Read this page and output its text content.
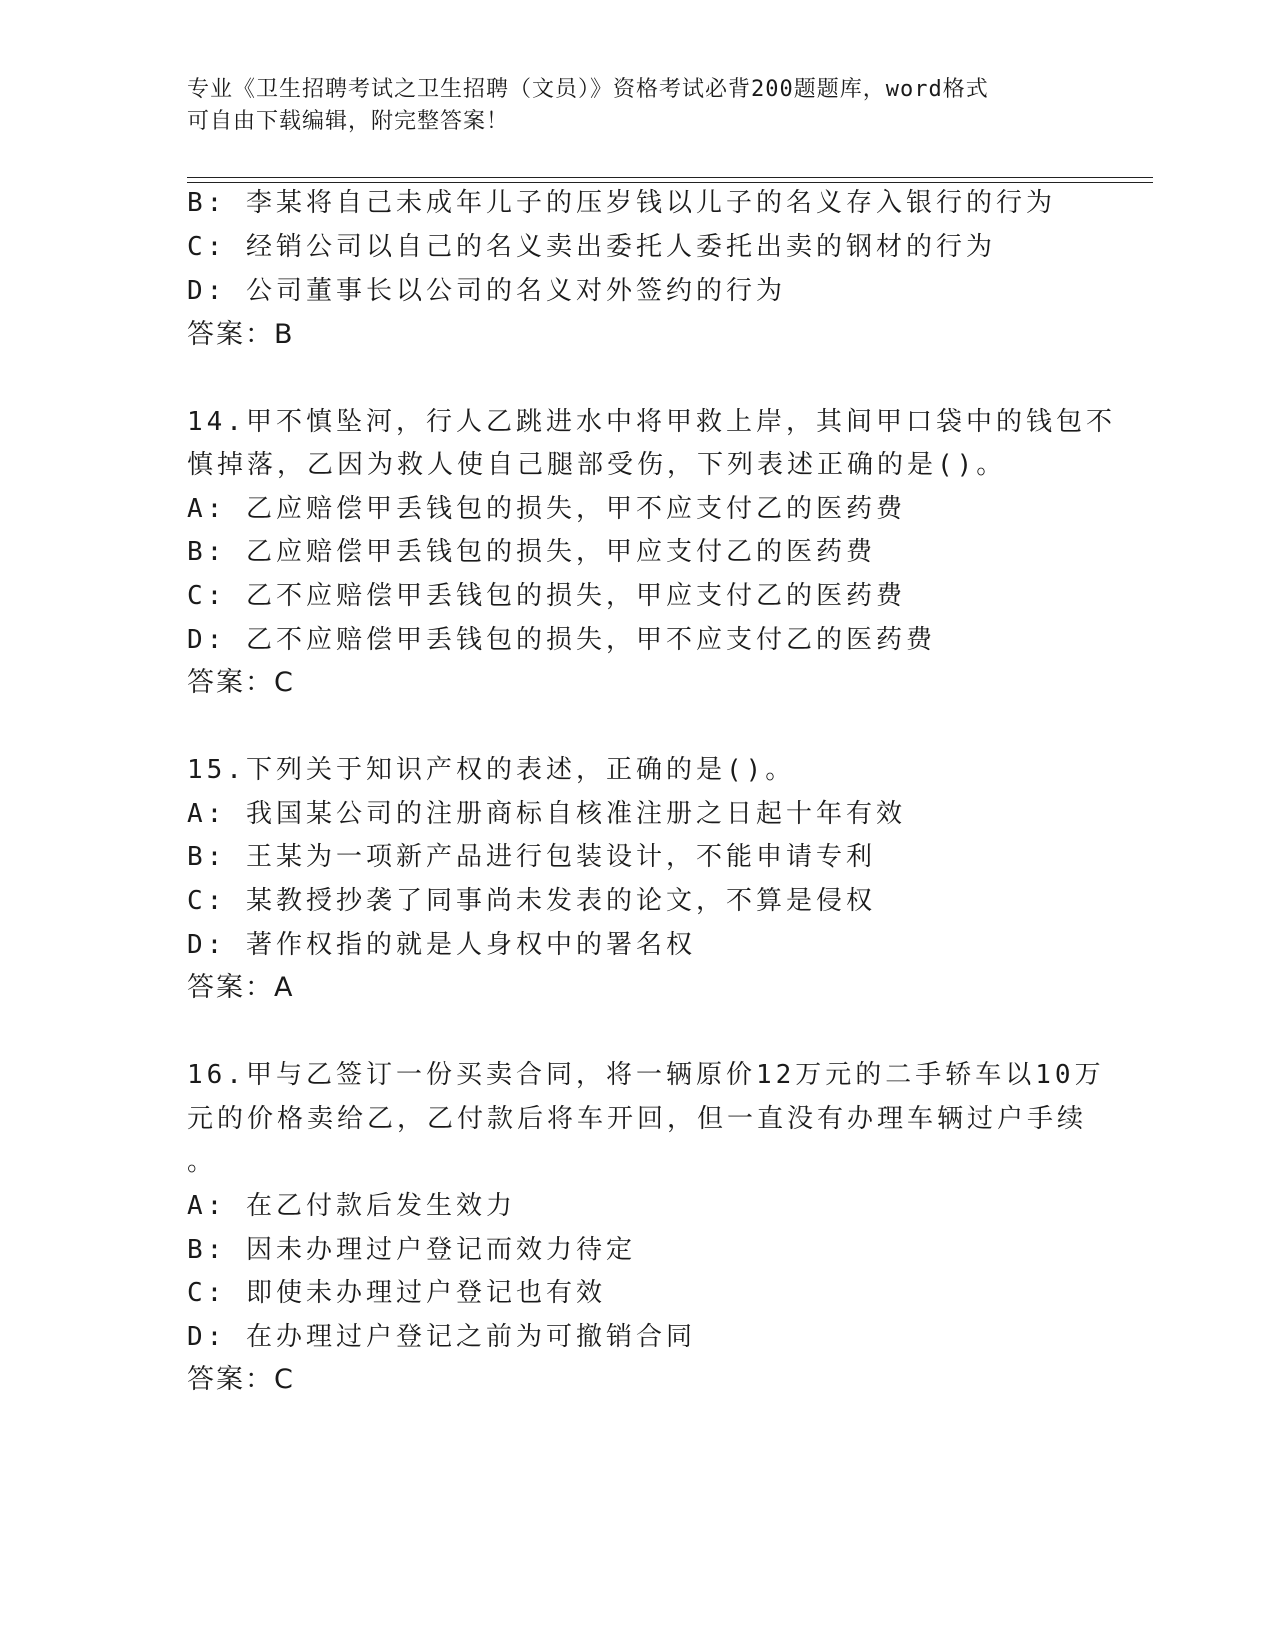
专业《卫生招聘考试之卫生招聘（文员）》资格考试必背200题题库，word格式
可自由下载编辑，附完整答案！
B: 李某将自己未成年儿子的压岁钱以儿子的名义存入银行的行为
C: 经销公司以自己的名义卖出委托人委托出卖的钢材的行为
D: 公司董事长以公司的名义对外签约的行为
答案：B
14.甲不慎坠河，行人乙跳进水中将甲救上岸，其间甲口袋中的钱包不
慎掉落，乙因为救人使自己腿部受伤，下列表述正确的是()。
A: 乙应赔偿甲丢钱包的损失，甲不应支付乙的医药费
B: 乙应赔偿甲丢钱包的损失，甲应支付乙的医药费
C: 乙不应赔偿甲丢钱包的损失，甲应支付乙的医药费
D: 乙不应赔偿甲丢钱包的损失，甲不应支付乙的医药费
答案：C
15.下列关于知识产权的表述，正确的是()。
A: 我国某公司的注册商标自核准注册之日起十年有效
B: 王某为一项新产品进行包装设计，不能申请专利
C: 某教授抄袭了同事尚未发表的论文，不算是侵权
D: 著作权指的就是人身权中的署名权
答案：A
16.甲与乙签订一份买卖合同，将一辆原价12万元的二手轿车以10万
元的价格卖给乙，乙付款后将车开回，但一直没有办理车辆过户手续
。
A: 在乙付款后发生效力
B: 因未办理过户登记而效力待定
C: 即使未办理过户登记也有效
D: 在办理过户登记之前为可撤销合同
答案：C
